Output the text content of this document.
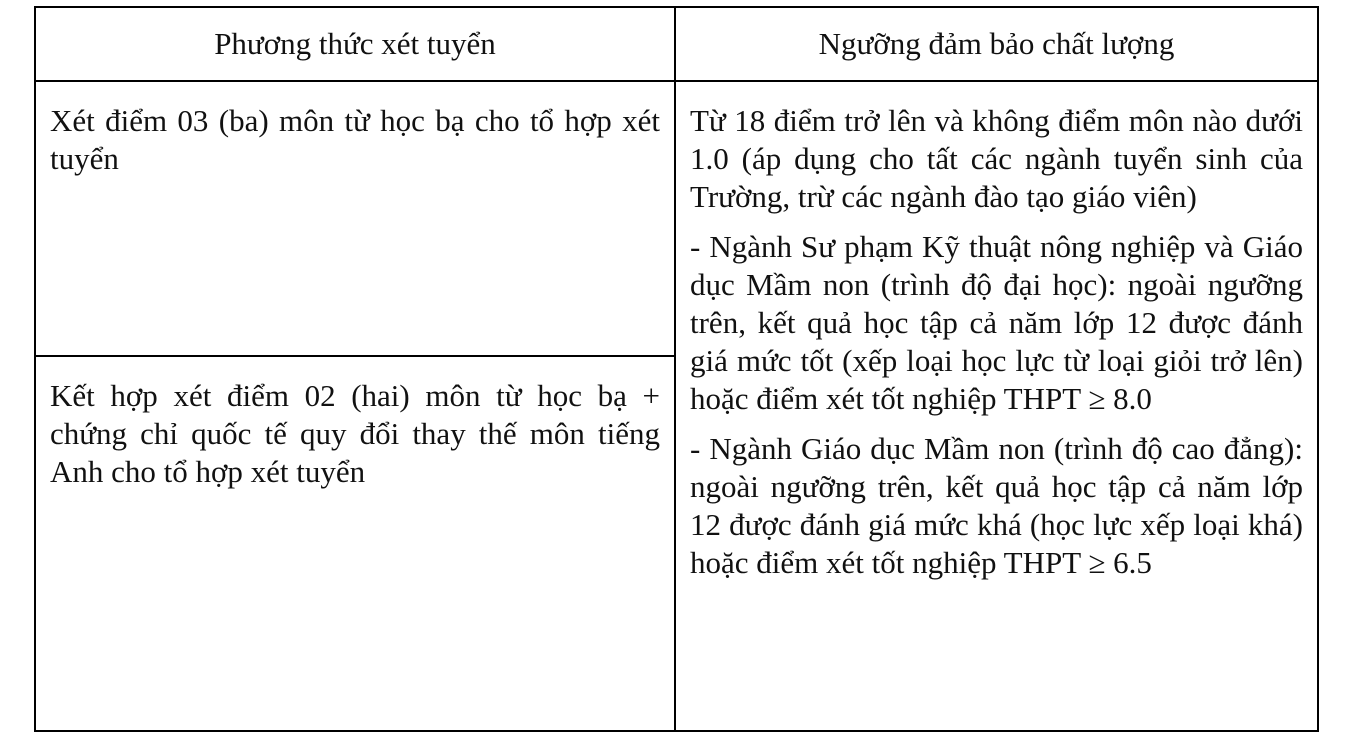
Phương thức xét tuyển	Ngưỡng đảm bảo chất lượng

Xét điểm 03 (ba) môn từ học bạ cho tổ hợp xét tuyển	Từ 18 điểm trở lên và không điểm môn nào dưới 1.0 (áp dụng cho tất các ngành tuyển sinh của Trường, trừ các ngành đào tạo giáo viên)

- Ngành Sư phạm Kỹ thuật nông nghiệp và Giáo dục Mầm non (trình độ đại học): ngoài ngưỡng trên, kết quả học tập cả năm lớp 12 được đánh giá mức tốt (xếp loại học lực từ loại giỏi trở lên) hoặc điểm xét tốt nghiệp THPT ≥ 8.0

- Ngành Giáo dục Mầm non (trình độ cao đẳng): ngoài ngưỡng trên, kết quả học tập cả năm lớp 12 được đánh giá mức khá (học lực xếp loại khá) hoặc điểm xét tốt nghiệp THPT ≥ 6.5

Kết hợp xét điểm 02 (hai) môn từ học bạ + chứng chỉ quốc tế quy đổi thay thế môn tiếng Anh cho tổ hợp xét tuyển	
